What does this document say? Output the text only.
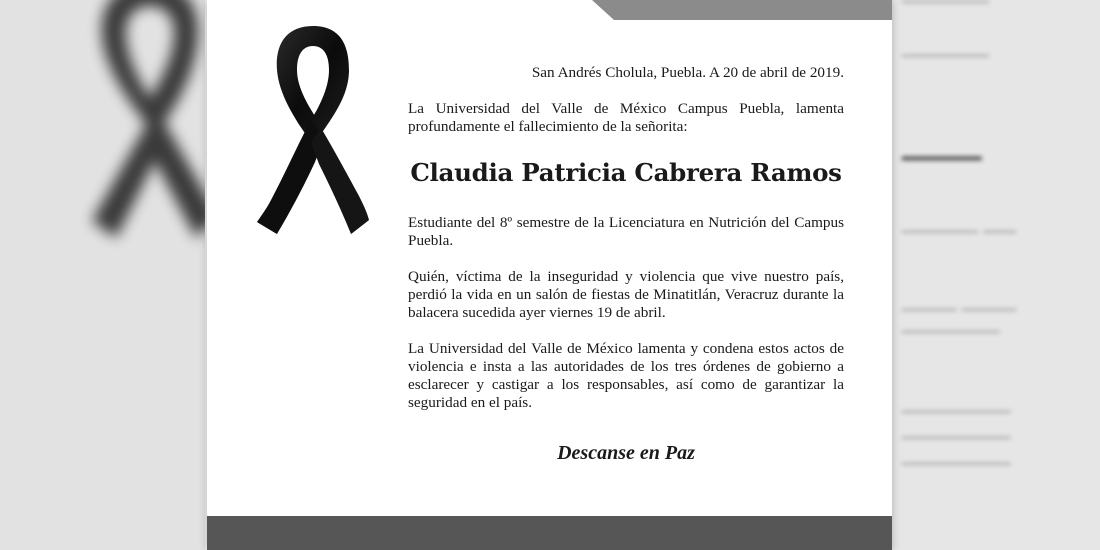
────────
────────
━━━━━━
─────── ───
───── ─────
─────────
──────────
──────────
──────────

San Andrés Cholula, Puebla. A 20 de abril de 2019.

La Universidad del Valle de México Campus Puebla, lamenta profundamente el fallecimiento de la señorita:

Claudia Patricia Cabrera Ramos

Estudiante del 8º semestre de la Licenciatura en Nutrición del Campus Puebla.

Quién, víctima de la inseguridad y violencia que vive nuestro país, perdió la vida en un salón de fiestas de Minatitlán, Veracruz durante la balacera sucedida ayer viernes 19 de abril.

La Universidad del Valle de México lamenta y condena estos actos de violencia e insta a las autoridades de los tres órdenes de gobierno a esclarecer y castigar a los responsables, así como de garantizar la seguridad en el país.

Descanse en Paz
